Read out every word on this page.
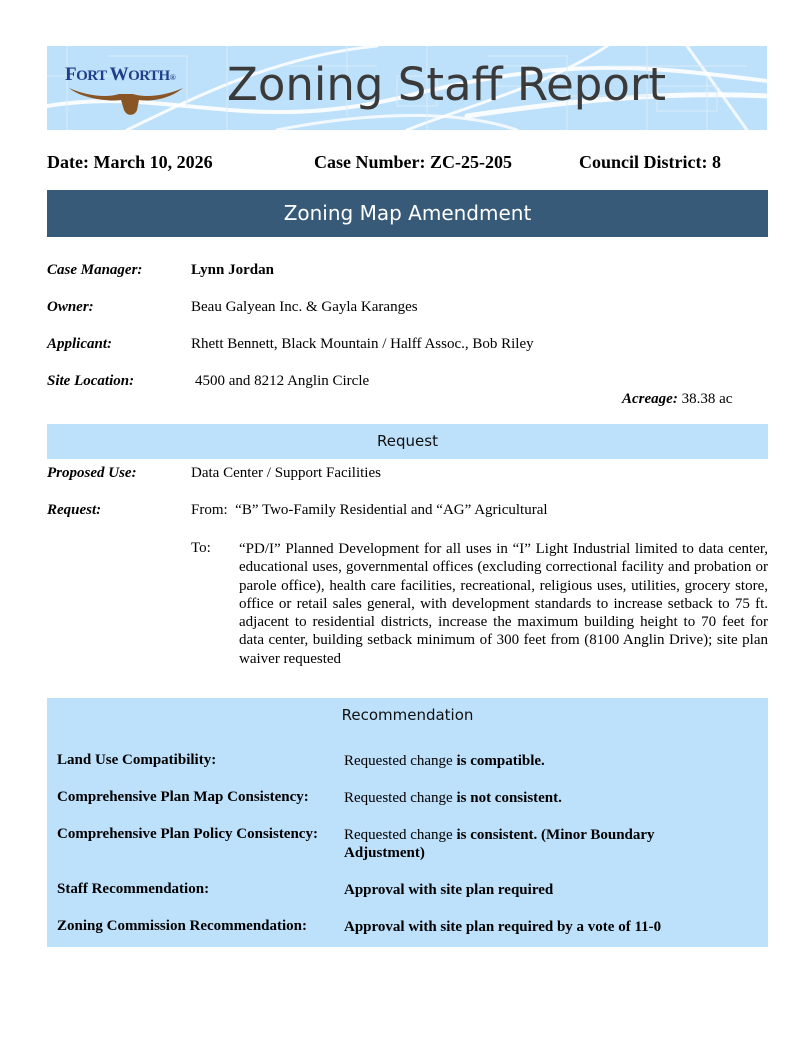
FORT WORTH® Zoning Staff Report
Date: March 10, 2026	Case Number: ZC-25-205	Council District: 8
Zoning Map Amendment
Case Manager:	Lynn Jordan
Owner:	Beau Galyean Inc. & Gayla Karanges
Applicant:	Rhett Bennett, Black Mountain / Halff Assoc., Bob Riley
Site Location:	4500 and 8212 Anglin Circle
Acreage: 38.38 ac
Request
Proposed Use:	Data Center / Support Facilities
Request:	From:  “B” Two-Family Residential and “AG” Agricultural
To: “PD/I” Planned Development for all uses in “I” Light Industrial limited to data center, educational uses, governmental offices (excluding correctional facility and probation or parole office), health care facilities, recreational, religious uses, utilities, grocery store, office or retail sales general, with development standards to increase setback to 75 ft. adjacent to residential districts, increase the maximum building height to 70 feet for data center, building setback minimum of 300 feet from (8100 Anglin Drive); site plan waiver requested
Recommendation
Land Use Compatibility:	Requested change is compatible.
Comprehensive Plan Map Consistency: Requested change is not consistent.
Comprehensive Plan Policy Consistency: Requested change is consistent. (Minor Boundary Adjustment)
Staff Recommendation:	Approval with site plan required
Zoning Commission Recommendation: Approval with site plan required by a vote of 11-0
